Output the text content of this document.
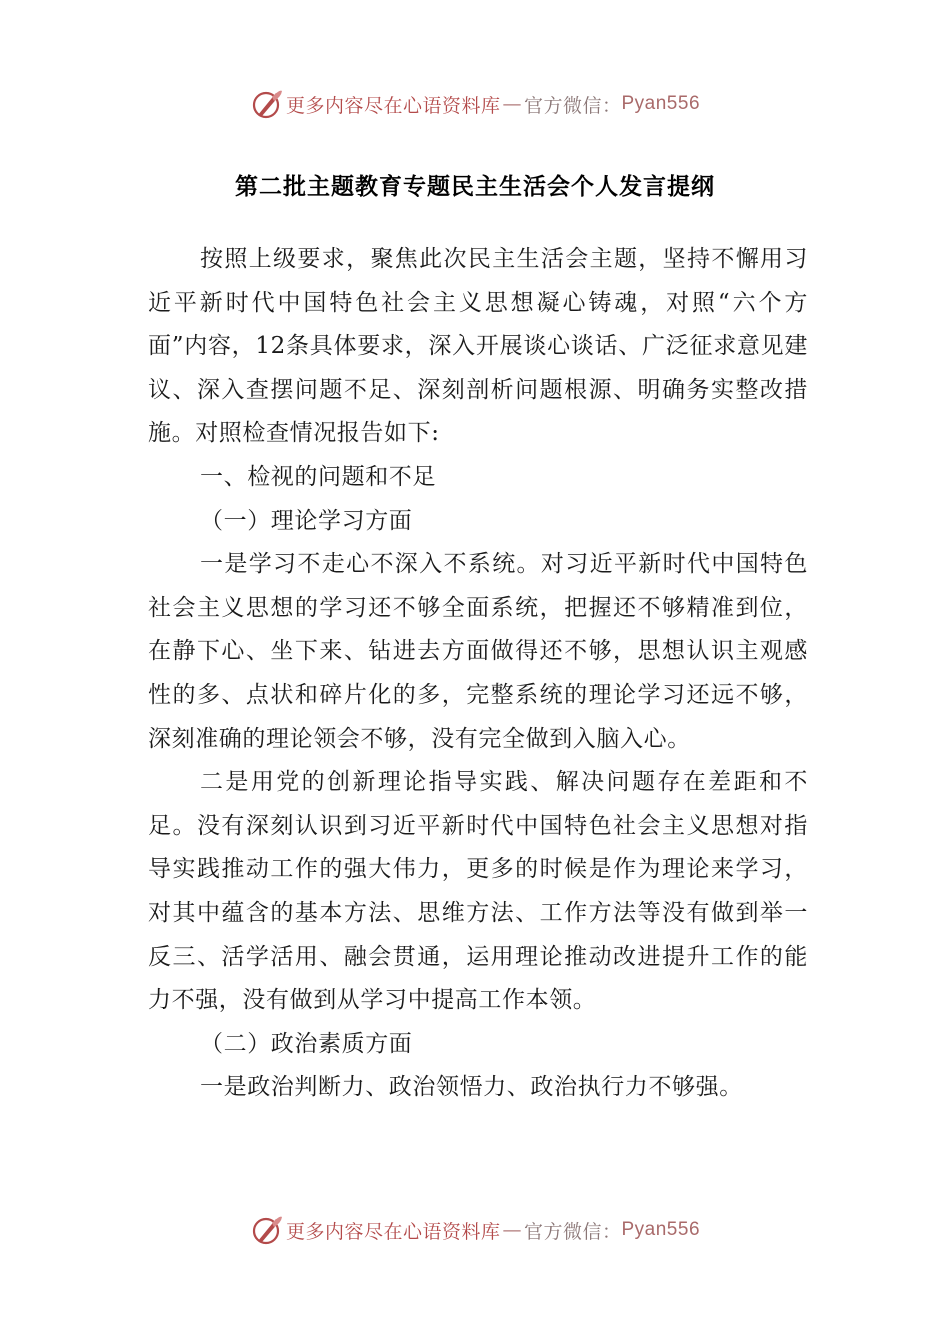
更多内容尽在心语资料库 — 官方微信： Pyan556
第二批主题教育专题民主生活会个人发言提纲

按照上级要求，聚焦此次民主生活会主题，坚持不懈用习近平新时代中国特色社会主义思想凝心铸魂，对照“六个方面”内容，12条具体要求，深入开展谈心谈话、广泛征求意见建议、深入查摆问题不足、深刻剖析问题根源、明确务实整改措施。对照检查情况报告如下:

一、检视的问题和不足

（一）理论学习方面

一是学习不走心不深入不系统。对习近平新时代中国特色社会主义思想的学习还不够全面系统，把握还不够精准到位，在静下心、坐下来、钻进去方面做得还不够，思想认识主观感性的多、点状和碎片化的多，完整系统的理论学习还远不够，深刻准确的理论领会不够，没有完全做到入脑入心。

二是用党的创新理论指导实践、解决问题存在差距和不足。没有深刻认识到习近平新时代中国特色社会主义思想对指导实践推动工作的强大伟力，更多的时候是作为理论来学习，对其中蕴含的基本方法、思维方法、工作方法等没有做到举一反三、活学活用、融会贯通，运用理论推动改进提升工作的能力不强，没有做到从学习中提高工作本领。

（二）政治素质方面

一是政治判断力、政治领悟力、政治执行力不够强。

更多内容尽在心语资料库 — 官方微信： Pyan556
